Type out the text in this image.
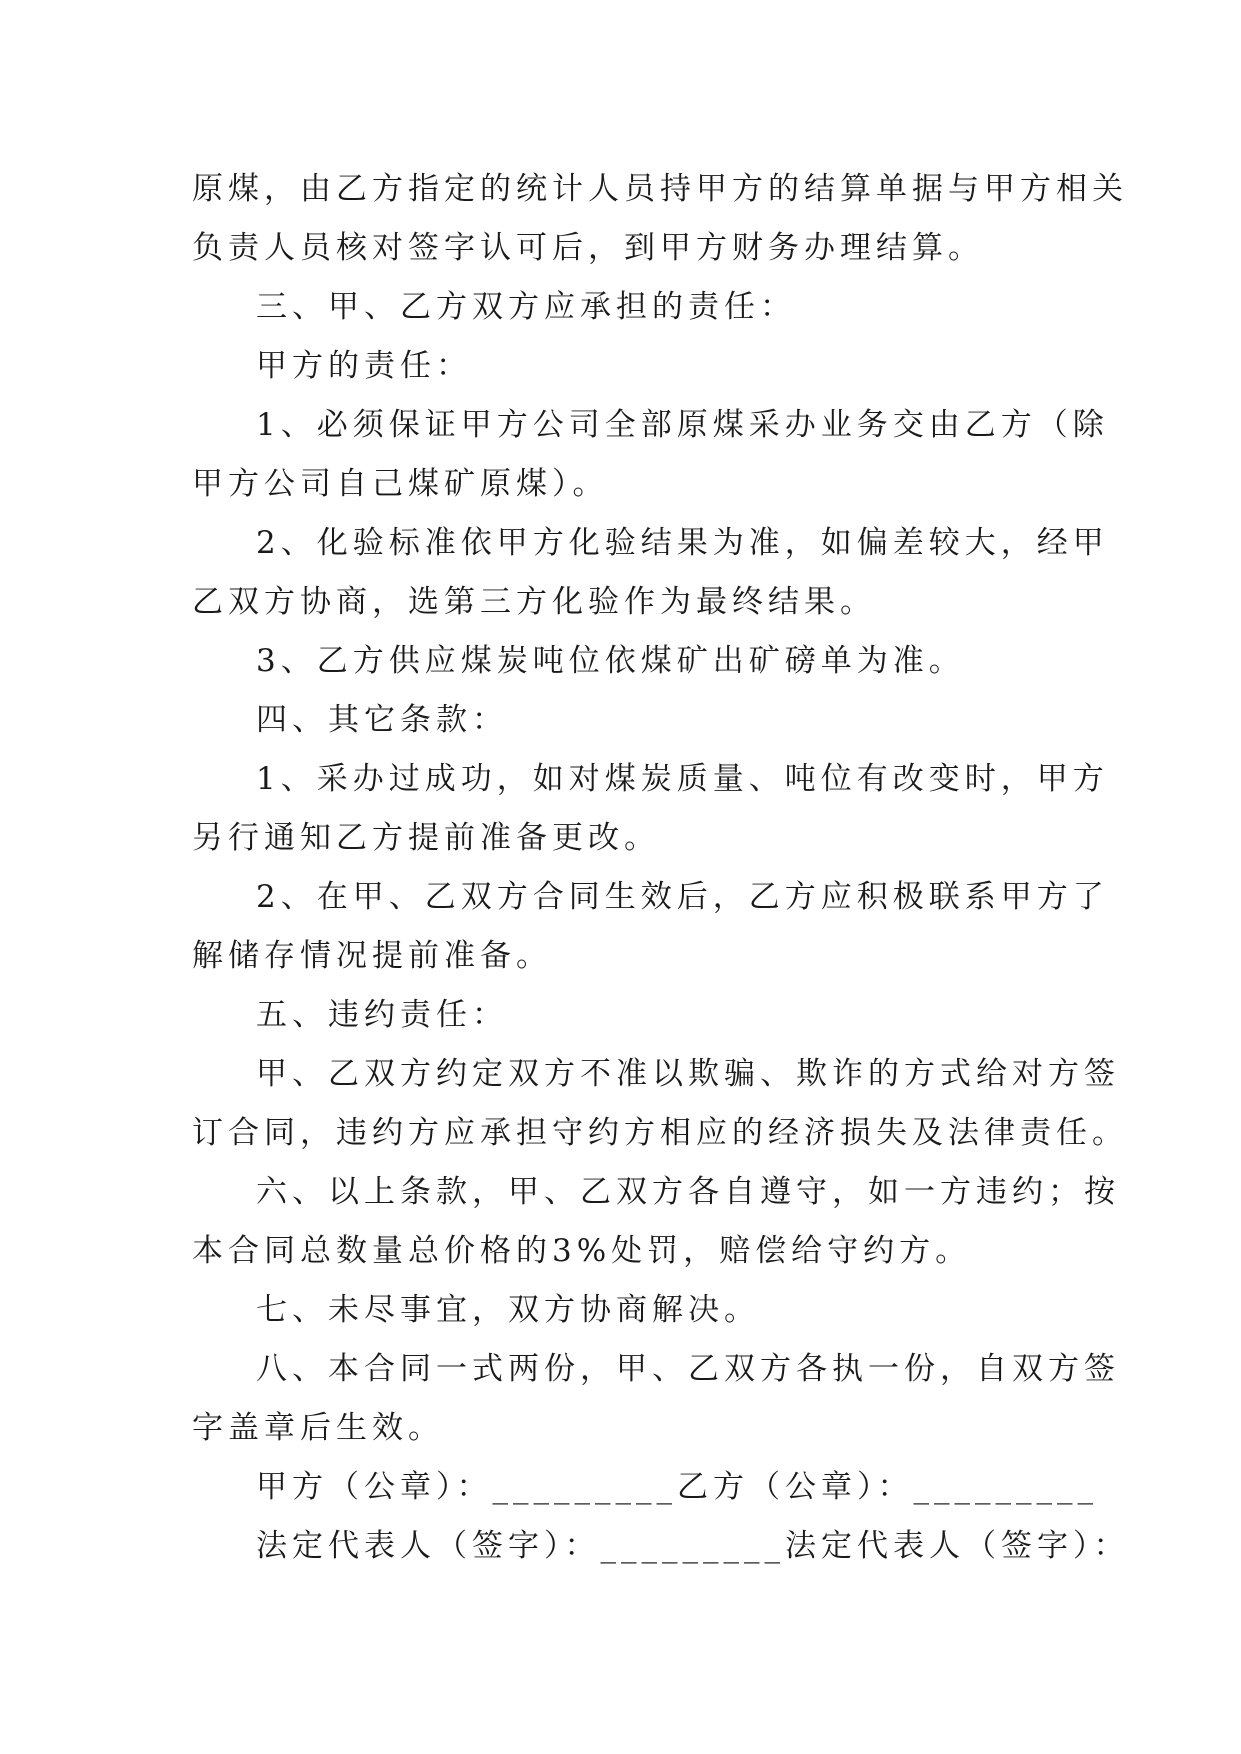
原煤，由乙方指定的统计人员持甲方的结算单据与甲方相关

负责人员核对签字认可后，到甲方财务办理结算。

三、甲、乙方双方应承担的责任：

甲方的责任：

1、必须保证甲方公司全部原煤采办业务交由乙方（除

甲方公司自己煤矿原煤）。

2、化验标准依甲方化验结果为准，如偏差较大，经甲

乙双方协商，选第三方化验作为最终结果。

3、乙方供应煤炭吨位依煤矿出矿磅单为准。

四、其它条款：

1、采办过成功，如对煤炭质量、吨位有改变时，甲方

另行通知乙方提前准备更改。

2、在甲、乙双方合同生效后，乙方应积极联系甲方了

解储存情况提前准备。

五、违约责任：

甲、乙双方约定双方不准以欺骗、欺诈的方式给对方签

订合同，违约方应承担守约方相应的经济损失及法律责任。

六、以上条款，甲、乙双方各自遵守，如一方违约；按

本合同总数量总价格的3%处罚，赔偿给守约方。

七、未尽事宜，双方协商解决。

八、本合同一式两份，甲、乙双方各执一份，自双方签

字盖章后生效。

甲方（公章）：_________乙方（公章）：_________

法定代表人（签字）：_________法定代表人（签字）：
